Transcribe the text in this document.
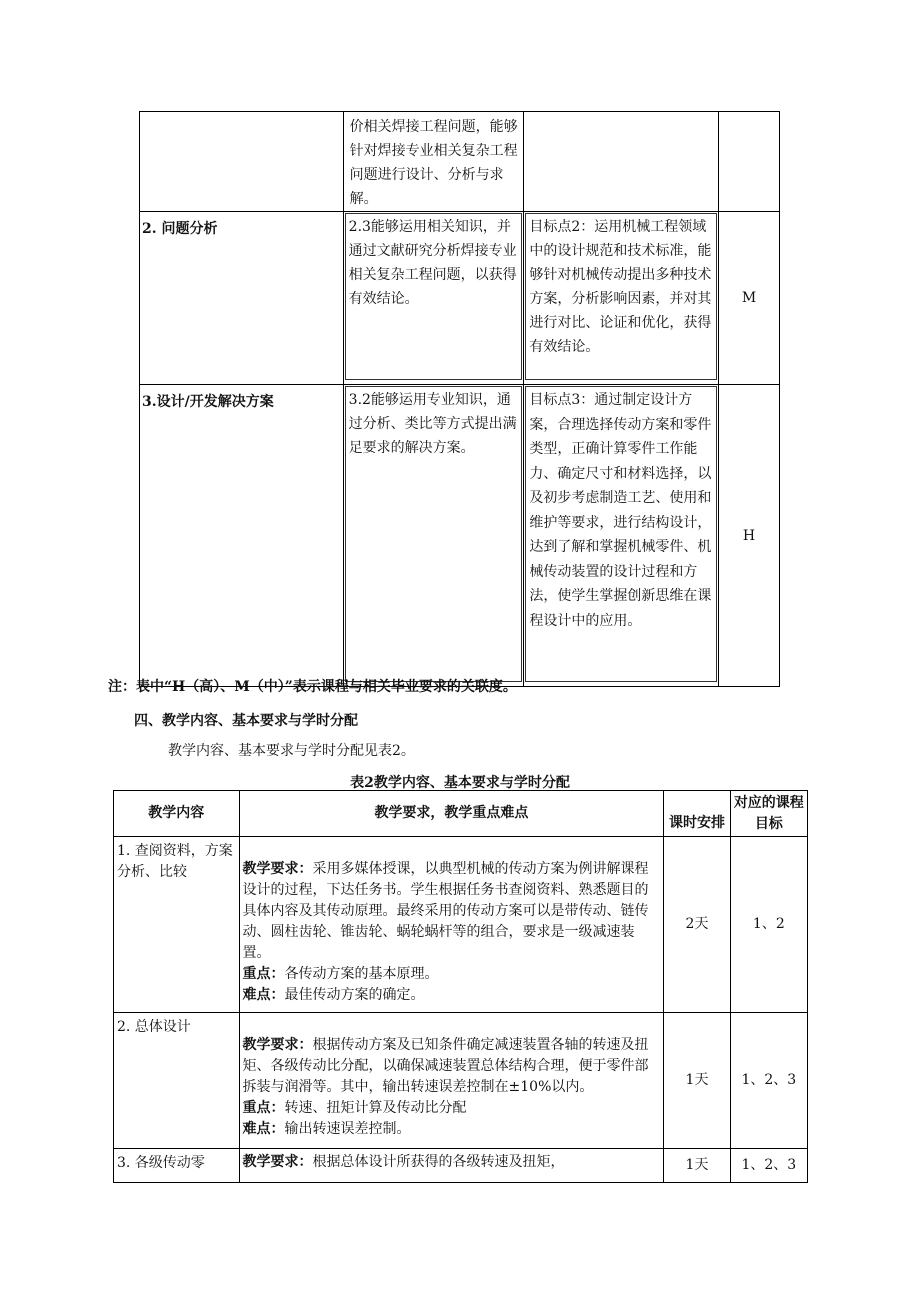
	价相关焊接工程问题，能够针对焊接专业相关复杂工程问题进行设计、分析与求解。		

2. 问题分析	2.3能够运用相关知识，并通过文献研究分析焊接专业相关复杂工程问题，以获得有效结论。	目标点2：运用机械工程领域中的设计规范和技术标准，能够针对机械传动提出多种技术方案，分析影响因素，并对其进行对比、论证和优化，获得有效结论。	M

3.设计/开发解决方案	3.2能够运用专业知识，通过分析、类比等方式提出满足要求的解决方案。	目标点3：通过制定设计方案，合理选择传动方案和零件类型，正确计算零件工作能力、确定尺寸和材料选择，以及初步考虑制造工艺、使用和维护等要求，进行结构设计，达到了解和掌握机械零件、机械传动装置的设计过程和方法，使学生掌握创新思维在课程设计中的应用。	H
注：表中“H（高）、M（中）”表示课程与相关毕业要求的关联度。
四、教学内容、基本要求与学时分配
教学内容、基本要求与学时分配见表2。
表2教学内容、基本要求与学时分配
教学内容	教学要求，教学重点难点	课时安排	对应的课程目标
1. 查阅资料，方案分析、比较	教学要求：采用多媒体授课，以典型机械的传动方案为例讲解课程设计的过程，下达任务书。学生根据任务书查阅资料、熟悉题目的具体内容及其传动原理。最终采用的传动方案可以是带传动、链传动、圆柱齿轮、锥齿轮、蜗轮蜗杆等的组合，要求是一级减速装置。
重点：各传动方案的基本原理。
难点：最佳传动方案的确定。	2天	1、2
2. 总体设计	教学要求：根据传动方案及已知条件确定减速装置各轴的转速及扭矩、各级传动比分配，以确保减速装置总体结构合理，便于零件部拆装与润滑等。其中，输出转速误差控制在±10%以内。
重点：转速、扭矩计算及传动比分配
难点：输出转速误差控制。	1天	1、2、3
3. 各级传动零	教学要求：根据总体设计所获得的各级转速及扭矩，	1天	1、2、3
